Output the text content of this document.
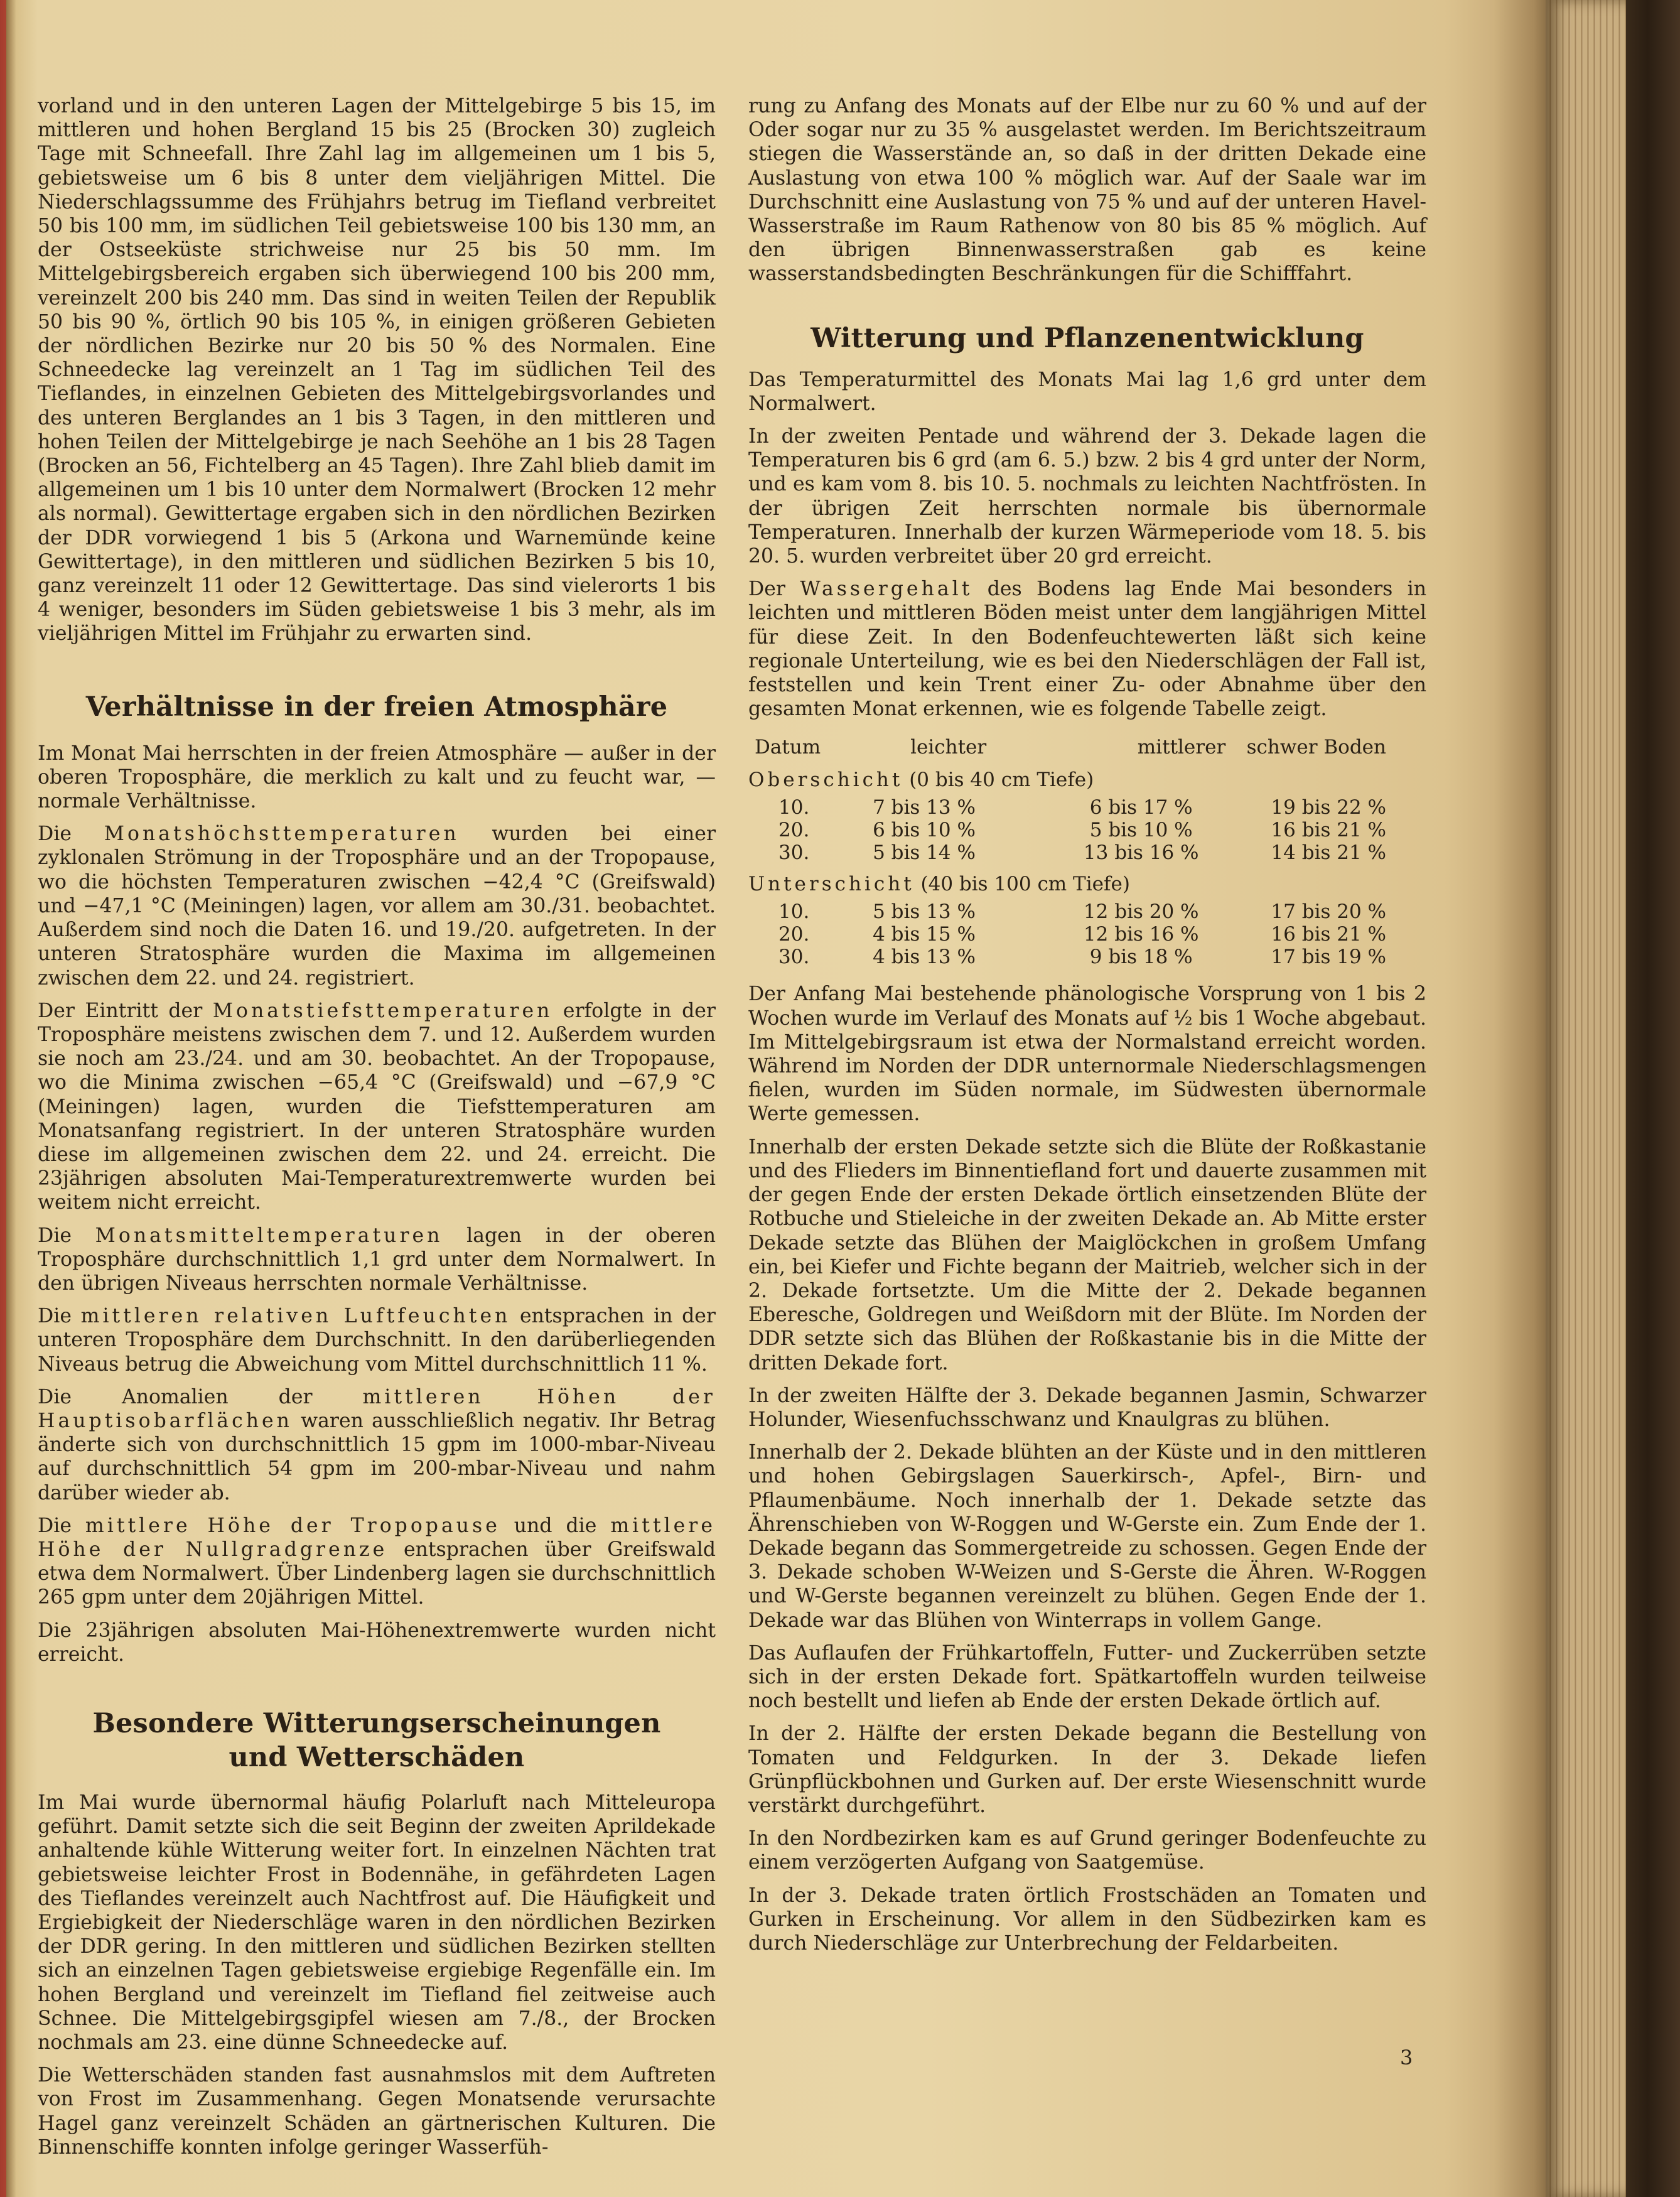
vorland und in den unteren Lagen der Mittelgebirge 5 bis 15, im mittleren und hohen Bergland 15 bis 25 (Brocken 30) zugleich Tage mit Schneefall. Ihre Zahl lag im allgemeinen um 1 bis 5, gebietsweise um 6 bis 8 unter dem vieljährigen Mittel. Die Niederschlagssumme des Frühjahrs betrug im Tiefland verbreitet 50 bis 100 mm, im südlichen Teil gebietsweise 100 bis 130 mm, an der Ostseeküste strichweise nur 25 bis 50 mm. Im Mittelgebirgsbereich ergaben sich überwiegend 100 bis 200 mm, vereinzelt 200 bis 240 mm. Das sind in weiten Teilen der Republik 50 bis 90 %, örtlich 90 bis 105 %, in einigen größeren Gebieten der nördlichen Bezirke nur 20 bis 50 % des Normalen. Eine Schneedecke lag vereinzelt an 1 Tag im südlichen Teil des Tieflandes, in einzelnen Gebieten des Mittelgebirgsvorlandes und des unteren Berglandes an 1 bis 3 Tagen, in den mittleren und hohen Teilen der Mittelgebirge je nach Seehöhe an 1 bis 28 Tagen (Brocken an 56, Fichtelberg an 45 Tagen). Ihre Zahl blieb damit im allgemeinen um 1 bis 10 unter dem Normalwert (Brocken 12 mehr als normal). Gewittertage ergaben sich in den nördlichen Bezirken der DDR vorwiegend 1 bis 5 (Arkona und Warnemünde keine Gewittertage), in den mittleren und südlichen Bezirken 5 bis 10, ganz vereinzelt 11 oder 12 Gewittertage. Das sind vielerorts 1 bis 4 weniger, besonders im Süden gebietsweise 1 bis 3 mehr, als im vieljährigen Mittel im Frühjahr zu erwarten sind.

Verhältnisse in der freien Atmosphäre

Im Monat Mai herrschten in der freien Atmosphäre — außer in der oberen Troposphäre, die merklich zu kalt und zu feucht war, — normale Verhältnisse.

Die Monatshöchsttemperaturen wurden bei einer zyklonalen Strömung in der Troposphäre und an der Tropopause, wo die höchsten Temperaturen zwischen −42,4 °C (Greifswald) und −47,1 °C (Meiningen) lagen, vor allem am 30./31. beobachtet. Außerdem sind noch die Daten 16. und 19./20. aufgetreten. In der unteren Stratosphäre wurden die Maxima im allgemeinen zwischen dem 22. und 24. registriert.

Der Eintritt der Monatstiefsttemperaturen erfolgte in der Troposphäre meistens zwischen dem 7. und 12. Außerdem wurden sie noch am 23./24. und am 30. beobachtet. An der Tropopause, wo die Minima zwischen −65,4 °C (Greifswald) und −67,9 °C (Meiningen) lagen, wurden die Tiefsttemperaturen am Monatsanfang registriert. In der unteren Stratosphäre wurden diese im allgemeinen zwischen dem 22. und 24. erreicht. Die 23jährigen absoluten Mai-Temperaturextremwerte wurden bei weitem nicht erreicht.

Die Monatsmitteltemperaturen lagen in der oberen Troposphäre durchschnittlich 1,1 grd unter dem Normalwert. In den übrigen Niveaus herrschten normale Verhältnisse.

Die mittleren relativen Luftfeuchten entsprachen in der unteren Troposphäre dem Durchschnitt. In den darüberliegenden Niveaus betrug die Abweichung vom Mittel durchschnittlich 11 %.

Die Anomalien der mittleren Höhen der Hauptisobarflächen waren ausschließlich negativ. Ihr Betrag änderte sich von durchschnittlich 15 gpm im 1000-mbar-Niveau auf durchschnittlich 54 gpm im 200-mbar-Niveau und nahm darüber wieder ab.

Die mittlere Höhe der Tropopause und die mittlere Höhe der Nullgradgrenze entsprachen über Greifswald etwa dem Normalwert. Über Lindenberg lagen sie durchschnittlich 265 gpm unter dem 20jährigen Mittel.

Die 23jährigen absoluten Mai-Höhenextremwerte wurden nicht erreicht.

Besondere Witterungserscheinungen
und Wetterschäden

Im Mai wurde übernormal häufig Polarluft nach Mitteleuropa geführt. Damit setzte sich die seit Beginn der zweiten Aprildekade anhaltende kühle Witterung weiter fort. In einzelnen Nächten trat gebietsweise leichter Frost in Bodennähe, in gefährdeten Lagen des Tieflandes vereinzelt auch Nachtfrost auf. Die Häufigkeit und Ergiebigkeit der Niederschläge waren in den nördlichen Bezirken der DDR gering. In den mittleren und südlichen Bezirken stellten sich an einzelnen Tagen gebietsweise ergiebige Regenfälle ein. Im hohen Bergland und vereinzelt im Tiefland fiel zeitweise auch Schnee. Die Mittelgebirgsgipfel wiesen am 7./8., der Brocken nochmals am 23. eine dünne Schneedecke auf.

Die Wetterschäden standen fast ausnahmslos mit dem Auftreten von Frost im Zusammenhang. Gegen Monatsende verursachte Hagel ganz vereinzelt Schäden an gärtnerischen Kulturen. Die Binnenschiffe konnten infolge geringer Wasserfüh-

rung zu Anfang des Monats auf der Elbe nur zu 60 % und auf der Oder sogar nur zu 35 % ausgelastet werden. Im Berichtszeitraum stiegen die Wasserstände an, so daß in der dritten Dekade eine Auslastung von etwa 100 % möglich war. Auf der Saale war im Durchschnitt eine Auslastung von 75 % und auf der unteren Havel-Wasserstraße im Raum Rathenow von 80 bis 85 % möglich. Auf den übrigen Binnenwasserstraßen gab es keine wasserstandsbedingten Beschränkungen für die Schifffahrt.

Witterung und Pflanzenentwicklung

Das Temperaturmittel des Monats Mai lag 1,6 grd unter dem Normalwert.

In der zweiten Pentade und während der 3. Dekade lagen die Temperaturen bis 6 grd (am 6. 5.) bzw. 2 bis 4 grd unter der Norm, und es kam vom 8. bis 10. 5. nochmals zu leichten Nachtfrösten. In der übrigen Zeit herrschten normale bis übernormale Temperaturen. Innerhalb der kurzen Wärmeperiode vom 18. 5. bis 20. 5. wurden verbreitet über 20 grd erreicht.

Der Wassergehalt des Bodens lag Ende Mai besonders in leichten und mittleren Böden meist unter dem langjährigen Mittel für diese Zeit. In den Bodenfeuchtewerten läßt sich keine regionale Unterteilung, wie es bei den Niederschlägen der Fall ist, feststellen und kein Trent einer Zu- oder Abnahme über den gesamten Monat erkennen, wie es folgende Tabelle zeigt.

Datum	leichter	mittlerer	schwer Boden
Oberschicht (0 bis 40 cm Tiefe)			
10.	7 bis 13 %	6 bis 17 %	19 bis 22 %
20.	6 bis 10 %	5 bis 10 %	16 bis 21 %
30.	5 bis 14 %	13 bis 16 %	14 bis 21 %
Unterschicht (40 bis 100 cm Tiefe)			
10.	5 bis 13 %	12 bis 20 %	17 bis 20 %
20.	4 bis 15 %	12 bis 16 %	16 bis 21 %
30.	4 bis 13 %	9 bis 18 %	17 bis 19 %

Der Anfang Mai bestehende phänologische Vorsprung von 1 bis 2 Wochen wurde im Verlauf des Monats auf ½ bis 1 Woche abgebaut. Im Mittelgebirgsraum ist etwa der Normalstand erreicht worden. Während im Norden der DDR unternormale Niederschlagsmengen fielen, wurden im Süden normale, im Südwesten übernormale Werte gemessen.

Innerhalb der ersten Dekade setzte sich die Blüte der Roßkastanie und des Flieders im Binnentiefland fort und dauerte zusammen mit der gegen Ende der ersten Dekade örtlich einsetzenden Blüte der Rotbuche und Stieleiche in der zweiten Dekade an. Ab Mitte erster Dekade setzte das Blühen der Maiglöckchen in großem Umfang ein, bei Kiefer und Fichte begann der Maitrieb, welcher sich in der 2. Dekade fortsetzte. Um die Mitte der 2. Dekade begannen Eberesche, Goldregen und Weißdorn mit der Blüte. Im Norden der DDR setzte sich das Blühen der Roßkastanie bis in die Mitte der dritten Dekade fort.

In der zweiten Hälfte der 3. Dekade begannen Jasmin, Schwarzer Holunder, Wiesenfuchsschwanz und Knaulgras zu blühen.

Innerhalb der 2. Dekade blühten an der Küste und in den mittleren und hohen Gebirgslagen Sauerkirsch-, Apfel-, Birn- und Pflaumenbäume. Noch innerhalb der 1. Dekade setzte das Ährenschieben von W-Roggen und W-Gerste ein. Zum Ende der 1. Dekade begann das Sommergetreide zu schossen. Gegen Ende der 3. Dekade schoben W-Weizen und S-Gerste die Ähren. W-Roggen und W-Gerste begannen vereinzelt zu blühen. Gegen Ende der 1. Dekade war das Blühen von Winterraps in vollem Gange.

Das Auflaufen der Frühkartoffeln, Futter- und Zuckerrüben setzte sich in der ersten Dekade fort. Spätkartoffeln wurden teilweise noch bestellt und liefen ab Ende der ersten Dekade örtlich auf.

In der 2. Hälfte der ersten Dekade begann die Bestellung von Tomaten und Feldgurken. In der 3. Dekade liefen Grünpflückbohnen und Gurken auf. Der erste Wiesenschnitt wurde verstärkt durchgeführt.

In den Nordbezirken kam es auf Grund geringer Bodenfeuchte zu einem verzögerten Aufgang von Saatgemüse.

In der 3. Dekade traten örtlich Frostschäden an Tomaten und Gurken in Erscheinung. Vor allem in den Südbezirken kam es durch Niederschläge zur Unterbrechung der Feldarbeiten.

3
